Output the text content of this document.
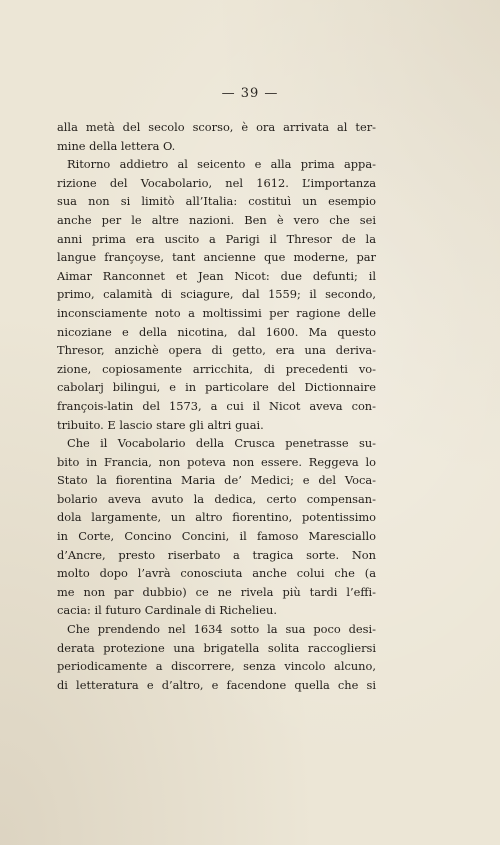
— 39 —
alla metà del secolo scorso, è ora arrivata al ter-
mine della lettera O.
Ritorno addietro al seicento e alla prima appa-
rizione del Vocabolario, nel 1612. L’importanza
sua non si limitò all’Italia: costituì un esempio
anche per le altre nazioni. Ben è vero che sei
anni prima era uscito a Parigi il Thresor de la
langue françoyse, tant ancienne que moderne, par
Aimar Ranconnet et Jean Nicot: due defunti; il
primo, calamità di sciagure, dal 1559; il secondo,
inconsciamente noto a moltissimi per ragione delle
nicoziane e della nicotina, dal 1600. Ma questo
Thresor, anzichè opera di getto, era una deriva-
zione, copiosamente arricchita, di precedenti vo-
cabolarj bilingui, e in particolare del Dictionnaire
françois-latin del 1573, a cui il Nicot aveva con-
tribuito. E lascio stare gli altri guai.
Che il Vocabolario della Crusca penetrasse su-
bito in Francia, non poteva non essere. Reggeva lo
Stato la fiorentina Maria de’ Medici; e del Voca-
bolario aveva avuto la dedica, certo compensan-
dola largamente, un altro fiorentino, potentissimo
in Corte, Concino Concini, il famoso Maresciallo
d’Ancre, presto riserbato a tragica sorte. Non
molto dopo l’avrà conosciuta anche colui che (a
me non par dubbio) ce ne rivela più tardi l’effi-
cacia: il futuro Cardinale di Richelieu.
Che prendendo nel 1634 sotto la sua poco desi-
derata protezione una brigatella solita raccogliersi
periodicamente a discorrere, senza vincolo alcuno,
di letteratura e d’altro, e facendone quella che si
